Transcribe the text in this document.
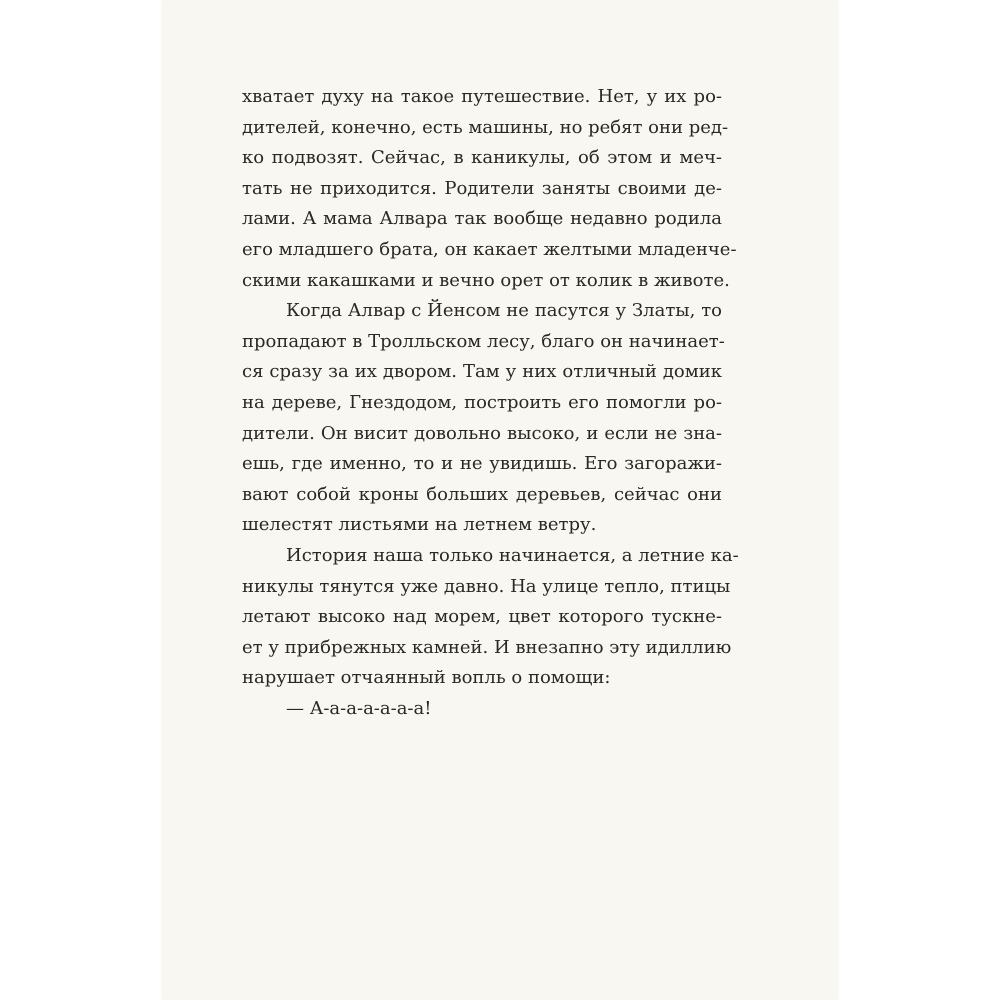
хватает духу на такое путешествие. Нет, у их ро-
дителей, конечно, есть машины, но ребят они ред-
ко подвозят. Сейчас, в каникулы, об этом и меч-
тать не приходится. Родители заняты своими де-
лами. А мама Алвара так вообще недавно родила
его младшего брата, он какает желтыми младенче-
скими какашками и вечно орет от колик в животе.
Когда Алвар с Йенсом не пасутся у Златы, то
пропадают в Тролльском лесу, благо он начинает-
ся сразу за их двором. Там у них отличный домик
на дереве, Гнездодом, построить его помогли ро-
дители. Он висит довольно высоко, и если не зна-
ешь, где именно, то и не увидишь. Его загоражи-
вают собой кроны больших деревьев, сейчас они
шелестят листьями на летнем ветру.
История наша только начинается, а летние ка-
никулы тянутся уже давно. На улице тепло, птицы
летают высоко над морем, цвет которого тускне-
ет у прибрежных камней. И внезапно эту идиллию
нарушает отчаянный вопль о помощи:
— А-а-а-а-а-а-а!
